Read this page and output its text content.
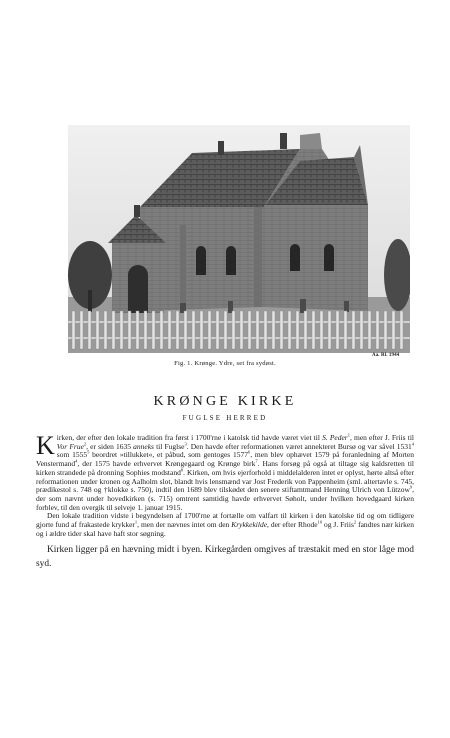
Aa. Rl. 1944
Fig. 1. Krønge. Ydre, set fra sydøst.
KRØNGE KIRKE
FUGLSE HERRED

Kirken, der efter den lokale tradition fra først i 1700'rne i katolsk tid havde været viet til S. Peder$^1$, men efter J. Friis til Vor Frue$^2$, er siden 1635 anneks til Fuglse$^3$. Den havde efter reformationen været annekteret Bursø og var såvel 1531$^4$ som 1555$^5$ beordret »tillukket«, et påbud, som gentoges 1577$^6$, men blev ophævet 1579 på foranledning af Morten Venstermand$^4$, der 1575 havde erhvervet Krøngegaard og Krønge birk$^7$. Hans forsøg på også at tiltage sig kaldsretten til kirken strandede på dronning Sophies modstand$^8$. Kirken, om hvis ejerforhold i middelalderen intet er oplyst, hørte altså efter reformationen under kronen og Aalholm slot, blandt hvis lensmænd var Jost Frederik von Pappenheim (sml. altertavle s. 745, prædikestol s. 748 og †klokke s. 750), indtil den 1689 blev tilskødet den senere stiftamtmand Henning Ulrich von Lützow$^9$, der som nævnt under hovedkirken (s. 715) omtrent samtidig havde erhvervet Søholt, under hvilken hovedgaard kirken forblev, til den overgik til selveje 1. januar 1915.

Den lokale tradition vidste i begyndelsen af 1700'rne at fortælle om valfart til kirken i den katolske tid og om tidligere gjorte fund af frakastede krykker$^1$, men der nævnes intet om den Krykkekilde, der efter Rhode$^{10}$ og J. Friis$^2$ fandtes nær kirken og i ældre tider skal have haft stor søgning.

Kirken ligger på en hævning midt i byen. Kirkegården omgives af træstakit med en stor låge mod syd.
